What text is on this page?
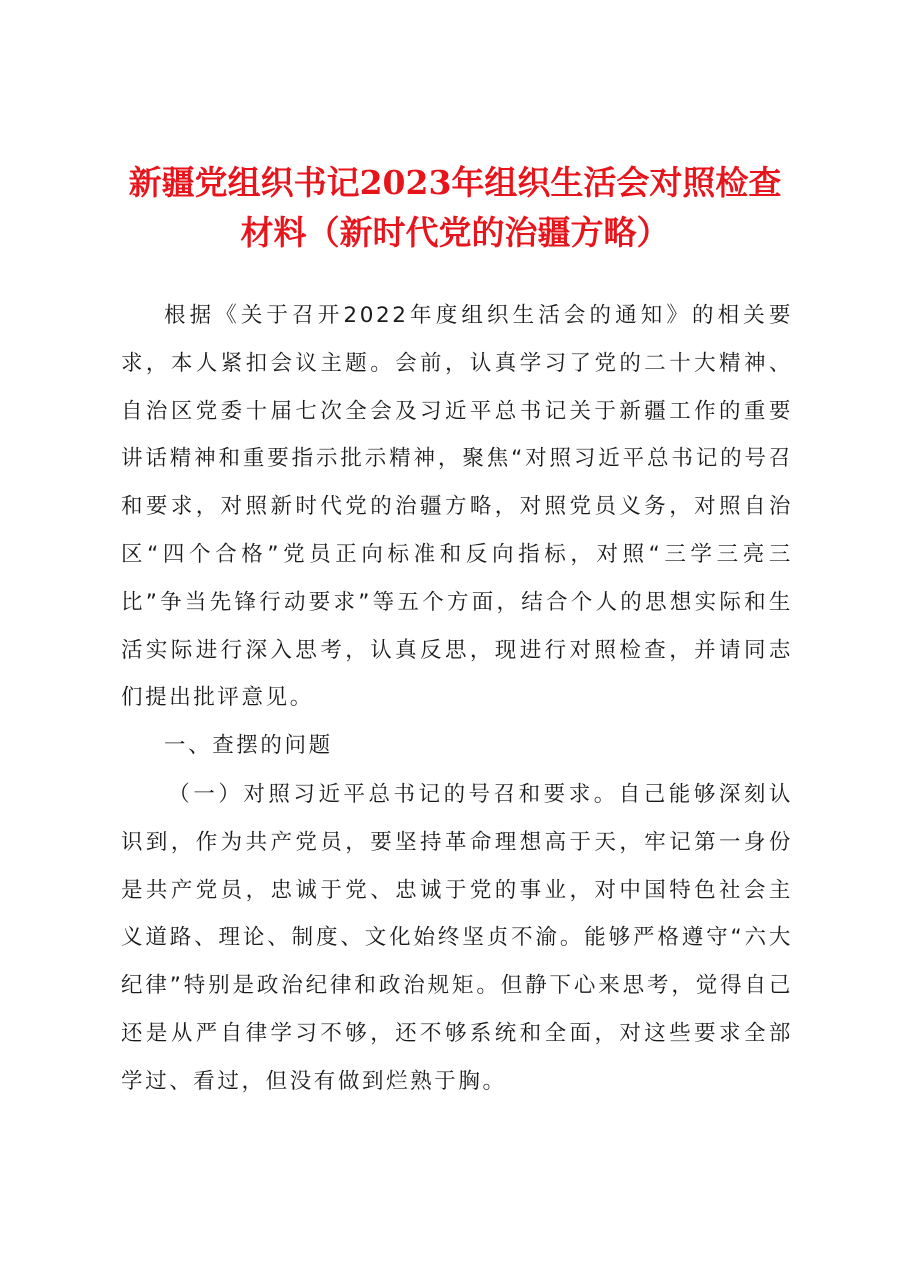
新疆党组织书记2023年组织生活会对照检查
材料（新时代党的治疆方略）

根据《关于召开2022年度组织生活会的通知》的相关要求，本人紧扣会议主题。会前，认真学习了党的二十大精神、自治区党委十届七次全会及习近平总书记关于新疆工作的重要讲话精神和重要指示批示精神，聚焦“对照习近平总书记的号召和要求，对照新时代党的治疆方略，对照党员义务，对照自治区“四个合格”党员正向标准和反向指标，对照“三学三亮三比”争当先锋行动要求”等五个方面，结合个人的思想实际和生活实际进行深入思考，认真反思，现进行对照检查，并请同志们提出批评意见。

一、查摆的问题

（一）对照习近平总书记的号召和要求。自己能够深刻认识到，作为共产党员，要坚持革命理想高于天，牢记第一身份是共产党员，忠诚于党、忠诚于党的事业，对中国特色社会主义道路、理论、制度、文化始终坚贞不渝。能够严格遵守“六大纪律”特别是政治纪律和政治规矩。但静下心来思考，觉得自己还是从严自律学习不够，还不够系统和全面，对这些要求全部学过、看过，但没有做到烂熟于胸。
